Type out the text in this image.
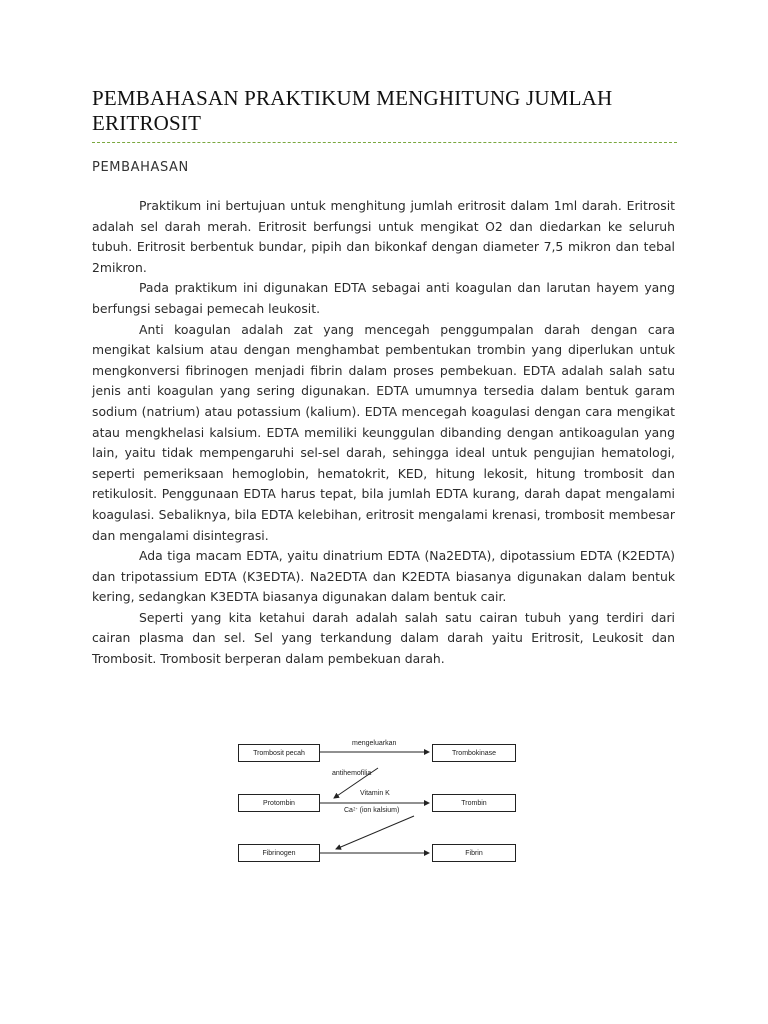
PEMBAHASAN PRAKTIKUM MENGHITUNG JUMLAH ERITROSIT
PEMBAHASAN

Praktikum ini bertujuan untuk menghitung jumlah eritrosit dalam 1ml darah. Eritrosit adalah sel darah merah. Eritrosit berfungsi untuk mengikat O2 dan diedarkan ke seluruh tubuh. Eritrosit berbentuk bundar, pipih dan bikonkaf dengan diameter 7,5 mikron dan tebal 2mikron.

Pada praktikum ini digunakan EDTA sebagai anti koagulan dan larutan hayem yang berfungsi sebagai pemecah leukosit.

Anti koagulan adalah zat yang mencegah penggumpalan darah dengan cara mengikat kalsium atau dengan menghambat pembentukan trombin yang diperlukan untuk mengkonversi fibrinogen menjadi fibrin dalam proses pembekuan. EDTA adalah salah satu jenis anti koagulan yang sering digunakan. EDTA umumnya tersedia dalam bentuk garam sodium (natrium) atau potassium (kalium). EDTA mencegah koagulasi dengan cara mengikat atau mengkhelasi kalsium. EDTA memiliki keunggulan dibanding dengan antikoagulan yang lain, yaitu tidak mempengaruhi sel-sel darah, sehingga ideal untuk pengujian hematologi, seperti pemeriksaan hemoglobin, hematokrit, KED, hitung lekosit, hitung trombosit dan retikulosit. Penggunaan EDTA harus tepat, bila jumlah EDTA kurang, darah dapat mengalami koagulasi. Sebaliknya, bila EDTA kelebihan, eritrosit mengalami krenasi, trombosit membesar dan mengalami disintegrasi.

Ada tiga macam EDTA, yaitu dinatrium EDTA (Na2EDTA), dipotassium EDTA (K2EDTA) dan tripotassium EDTA (K3EDTA). Na2EDTA dan K2EDTA biasanya digunakan dalam bentuk kering, sedangkan K3EDTA biasanya digunakan dalam bentuk cair.

Seperti yang kita ketahui darah adalah salah satu cairan tubuh yang terdiri dari cairan plasma dan sel. Sel yang terkandung dalam darah yaitu Eritrosit, Leukosit dan Trombosit. Trombosit berperan dalam pembekuan darah.

Trombosit pecah	Trombokinase
Protombin	Trombin
Fibrinogen	Fibrin
mengeluarkan
antihemofilia
Vitamin K
Ca⁲⁺ (ion kalsium)
